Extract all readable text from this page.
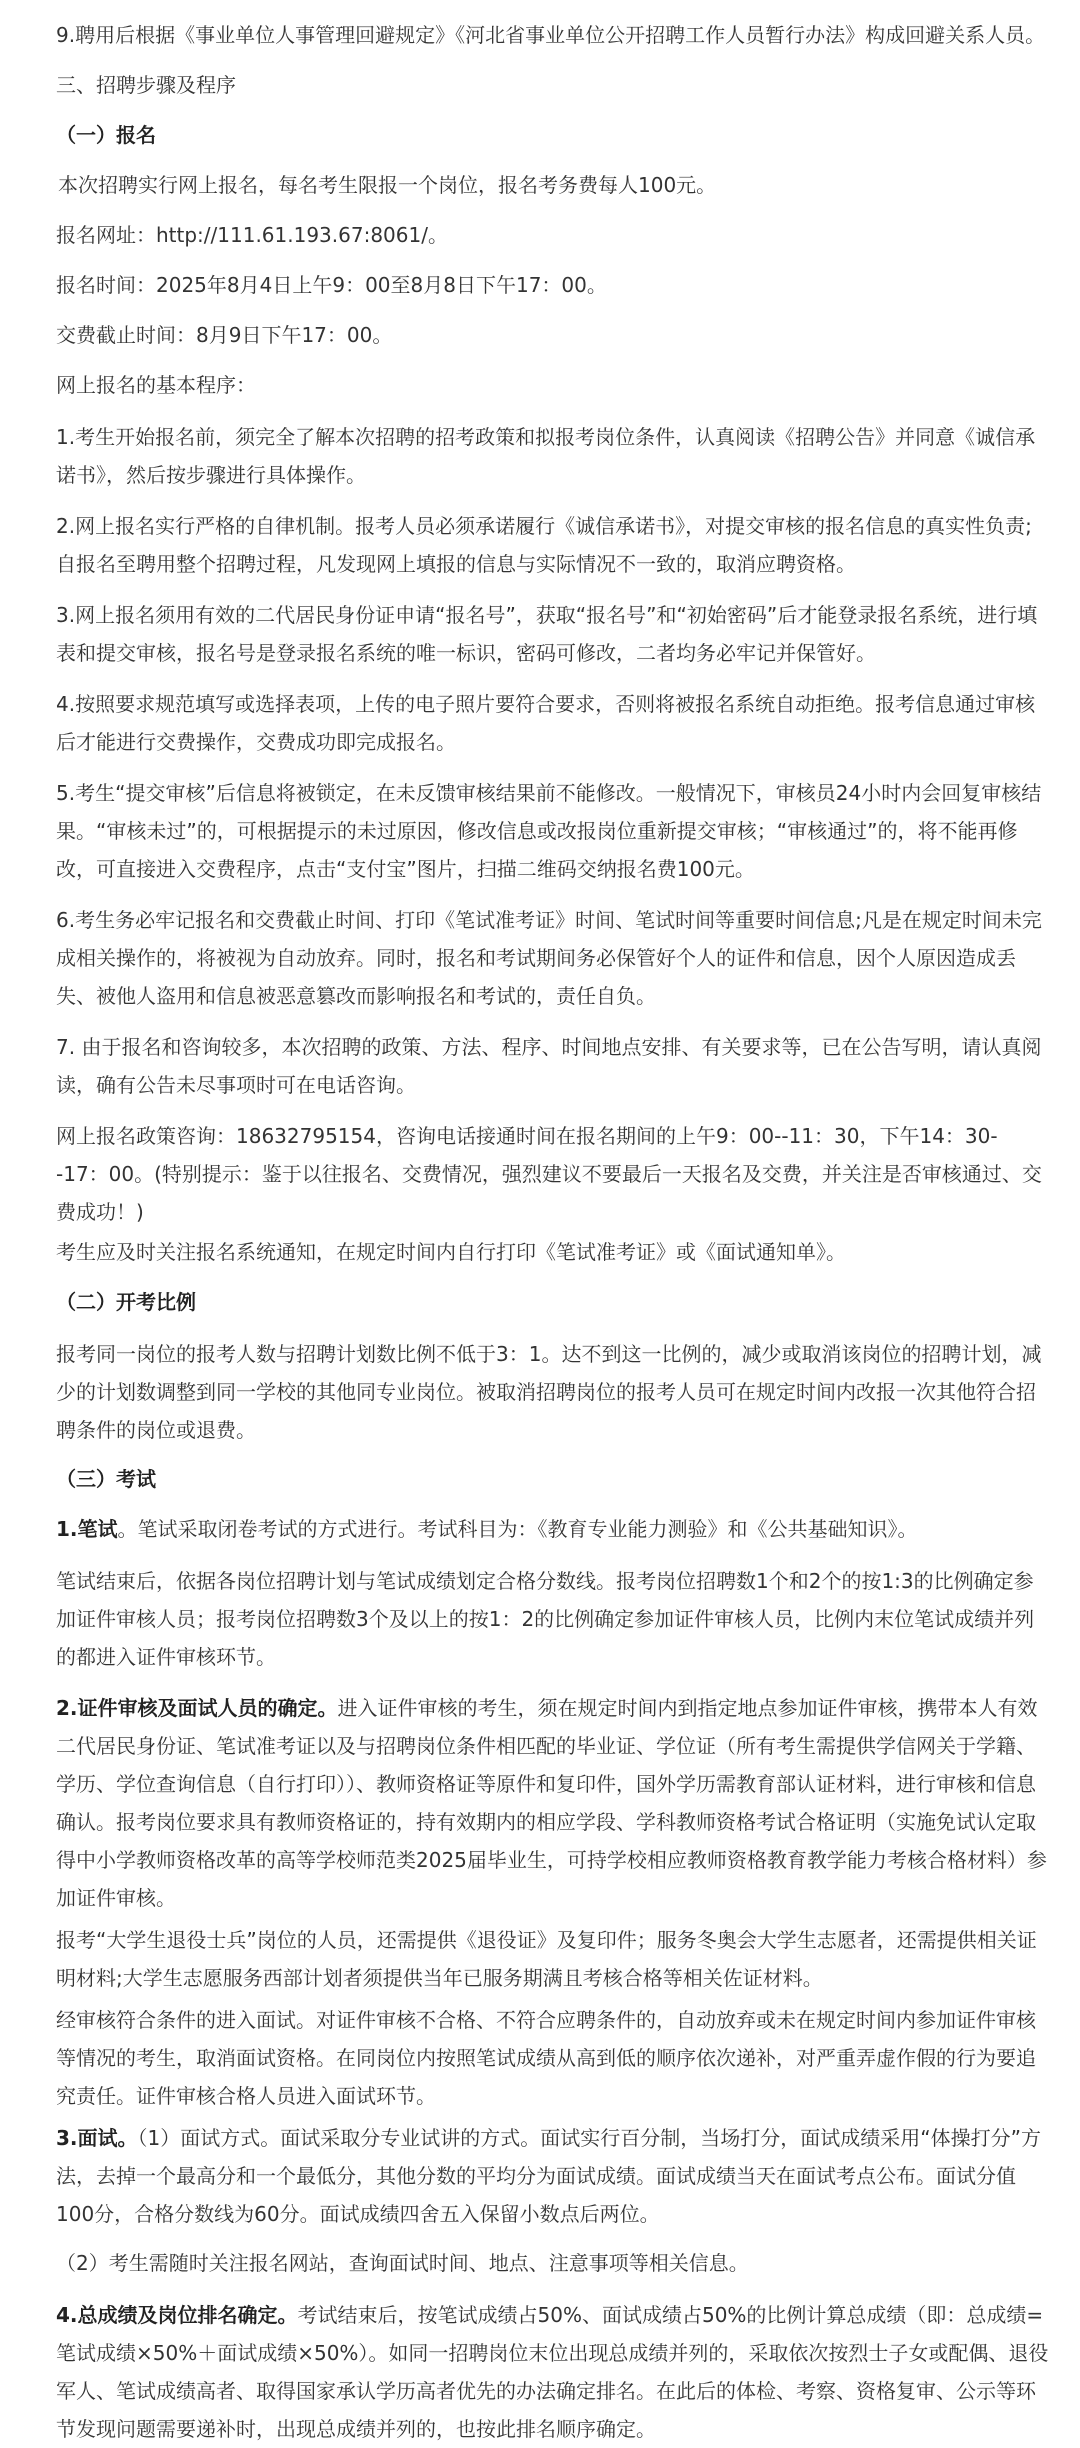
9.聘用后根据《事业单位人事管理回避规定》《河北省事业单位公开招聘工作人员暂行办法》构成回避关系人员。
三、招聘步骤及程序
（一）报名
本次招聘实行网上报名，每名考生限报一个岗位，报名考务费每人100元。
报名网址：http://111.61.193.67:8061/。
报名时间：2025年8月4日上午9：00至8月8日下午17：00。
交费截止时间：8月9日下午17：00。
网上报名的基本程序：
1.考生开始报名前，须完全了解本次招聘的招考政策和拟报考岗位条件，认真阅读《招聘公告》并同意《诚信承诺书》，然后按步骤进行具体操作。
2.网上报名实行严格的自律机制。报考人员必须承诺履行《诚信承诺书》，对提交审核的报名信息的真实性负责;自报名至聘用整个招聘过程，凡发现网上填报的信息与实际情况不一致的，取消应聘资格。
3.网上报名须用有效的二代居民身份证申请“报名号”，获取“报名号”和“初始密码”后才能登录报名系统，进行填表和提交审核，报名号是登录报名系统的唯一标识，密码可修改，二者均务必牢记并保管好。
4.按照要求规范填写或选择表项，上传的电子照片要符合要求，否则将被报名系统自动拒绝。报考信息通过审核后才能进行交费操作，交费成功即完成报名。
5.考生“提交审核”后信息将被锁定，在未反馈审核结果前不能修改。一般情况下，审核员24小时内会回复审核结果。“审核未过”的，可根据提示的未过原因，修改信息或改报岗位重新提交审核；“审核通过”的，将不能再修改，可直接进入交费程序，点击“支付宝”图片，扫描二维码交纳报名费100元。
6.考生务必牢记报名和交费截止时间、打印《笔试准考证》时间、笔试时间等重要时间信息;凡是在规定时间未完成相关操作的，将被视为自动放弃。同时，报名和考试期间务必保管好个人的证件和信息，因个人原因造成丢失、被他人盗用和信息被恶意篡改而影响报名和考试的，责任自负。
7. 由于报名和咨询较多，本次招聘的政策、方法、程序、时间地点安排、有关要求等，已在公告写明，请认真阅读，确有公告未尽事项时可在电话咨询。
网上报名政策咨询：18632795154，咨询电话接通时间在报名期间的上午9：00--11：30，下午14：30--17：00。(特别提示：鉴于以往报名、交费情况，强烈建议不要最后一天报名及交费，并关注是否审核通过、交费成功！)
考生应及时关注报名系统通知，在规定时间内自行打印《笔试准考证》或《面试通知单》。
（二）开考比例
报考同一岗位的报考人数与招聘计划数比例不低于3：1。达不到这一比例的，减少或取消该岗位的招聘计划，减少的计划数调整到同一学校的其他同专业岗位。被取消招聘岗位的报考人员可在规定时间内改报一次其他符合招聘条件的岗位或退费。
（三）考试
1.笔试。笔试采取闭卷考试的方式进行。考试科目为：《教育专业能力测验》和《公共基础知识》。
笔试结束后，依据各岗位招聘计划与笔试成绩划定合格分数线。报考岗位招聘数1个和2个的按1:3的比例确定参加证件审核人员；报考岗位招聘数3个及以上的按1：2的比例确定参加证件审核人员，比例内末位笔试成绩并列的都进入证件审核环节。
2.证件审核及面试人员的确定。进入证件审核的考生，须在规定时间内到指定地点参加证件审核，携带本人有效二代居民身份证、笔试准考证以及与招聘岗位条件相匹配的毕业证、学位证（所有考生需提供学信网关于学籍、学历、学位查询信息（自行打印））、教师资格证等原件和复印件，国外学历需教育部认证材料，进行审核和信息确认。报考岗位要求具有教师资格证的，持有效期内的相应学段、学科教师资格考试合格证明（实施免试认定取得中小学教师资格改革的高等学校师范类2025届毕业生，可持学校相应教师资格教育教学能力考核合格材料）参加证件审核。
报考“大学生退役士兵”岗位的人员，还需提供《退役证》及复印件；服务冬奥会大学生志愿者，还需提供相关证明材料;大学生志愿服务西部计划者须提供当年已服务期满且考核合格等相关佐证材料。
经审核符合条件的进入面试。对证件审核不合格、不符合应聘条件的，自动放弃或未在规定时间内参加证件审核等情况的考生，取消面试资格。在同岗位内按照笔试成绩从高到低的顺序依次递补，对严重弄虚作假的行为要追究责任。证件审核合格人员进入面试环节。
3.面试。（1）面试方式。面试采取分专业试讲的方式。面试实行百分制，当场打分，面试成绩采用“体操打分”方法，去掉一个最高分和一个最低分，其他分数的平均分为面试成绩。面试成绩当天在面试考点公布。面试分值100分，合格分数线为60分。面试成绩四舍五入保留小数点后两位。
（2）考生需随时关注报名网站，查询面试时间、地点、注意事项等相关信息。
4.总成绩及岗位排名确定。考试结束后，按笔试成绩占50%、面试成绩占50%的比例计算总成绩（即：总成绩=笔试成绩×50%＋面试成绩×50%）。如同一招聘岗位末位出现总成绩并列的，采取依次按烈士子女或配偶、退役军人、笔试成绩高者、取得国家承认学历高者优先的办法确定排名。在此后的体检、考察、资格复审、公示等环节发现问题需要递补时，出现总成绩并列的，也按此排名顺序确定。
